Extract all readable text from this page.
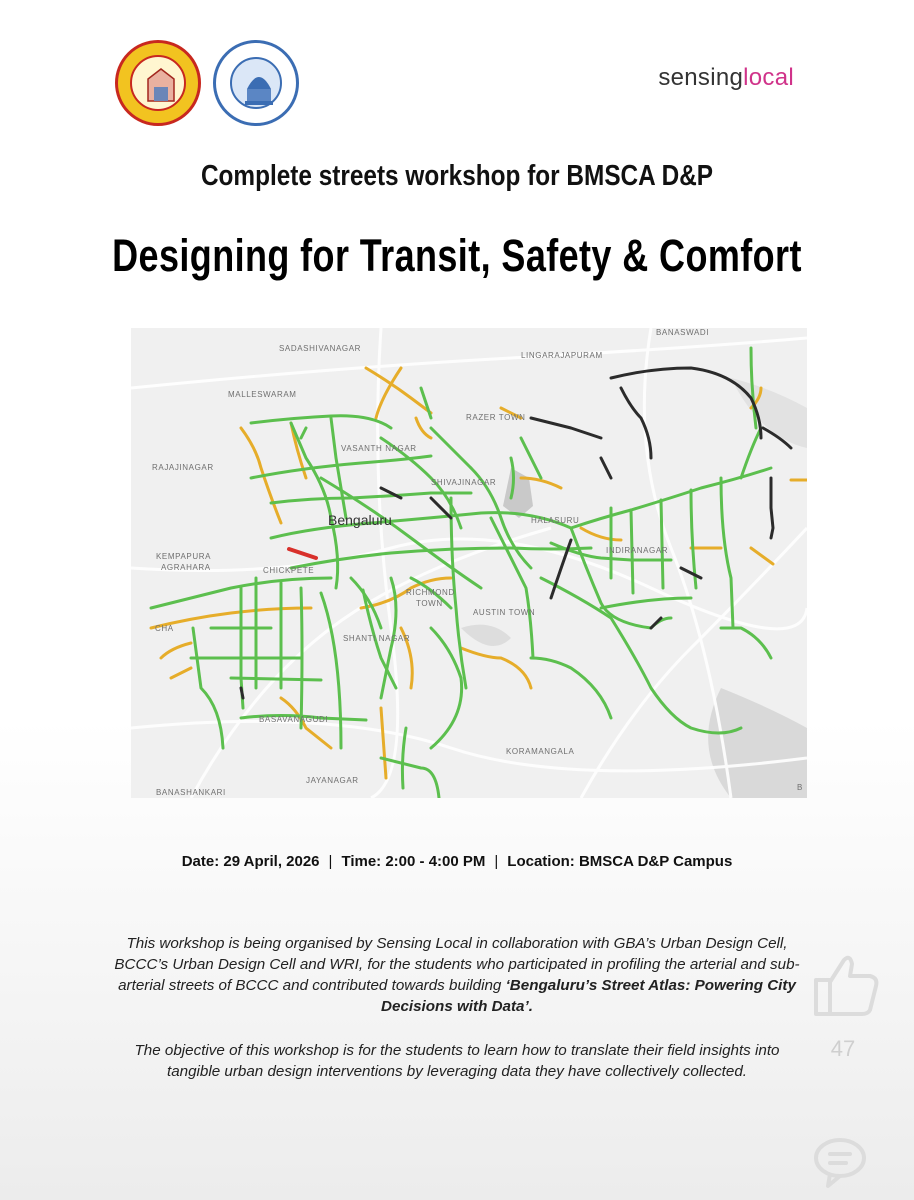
sensinglocal
Complete streets workshop for BMSCA D&P
Designing for Transit, Safety & Comfort
BANASWADI
SADASHIVANAGAR
LINGARAJAPURAM
MALLESWARAM
RAZER TOWN
VASANTH NAGAR
RAJAJINAGAR
SHIVAJINAGAR
HALASURU
INDIRANAGAR
KEMPAPURA
AGRAHARA	CHICKPETE
RICHMOND
TOWN
AUSTIN TOWN
CHA
SHANTI NAGAR
BASAVANAGUDI
KORAMANGALA
JAYANAGAR
BANASHANKARI
B
Bengaluru
Date: 29 April, 2026 | Time: 2:00 - 4:00 PM | Location: BMSCA D&P Campus
This workshop is being organised by Sensing Local in collaboration with GBA’s Urban Design Cell, BCCC’s Urban Design Cell and WRI, for the students who participated in profiling the arterial and sub-arterial streets of BCCC and contributed towards building ‘Bengaluru’s Street Atlas: Powering City Decisions with Data’.
The objective of this workshop is for the students to learn how to translate their field insights into tangible urban design interventions by leveraging data they have collectively collected.
47
